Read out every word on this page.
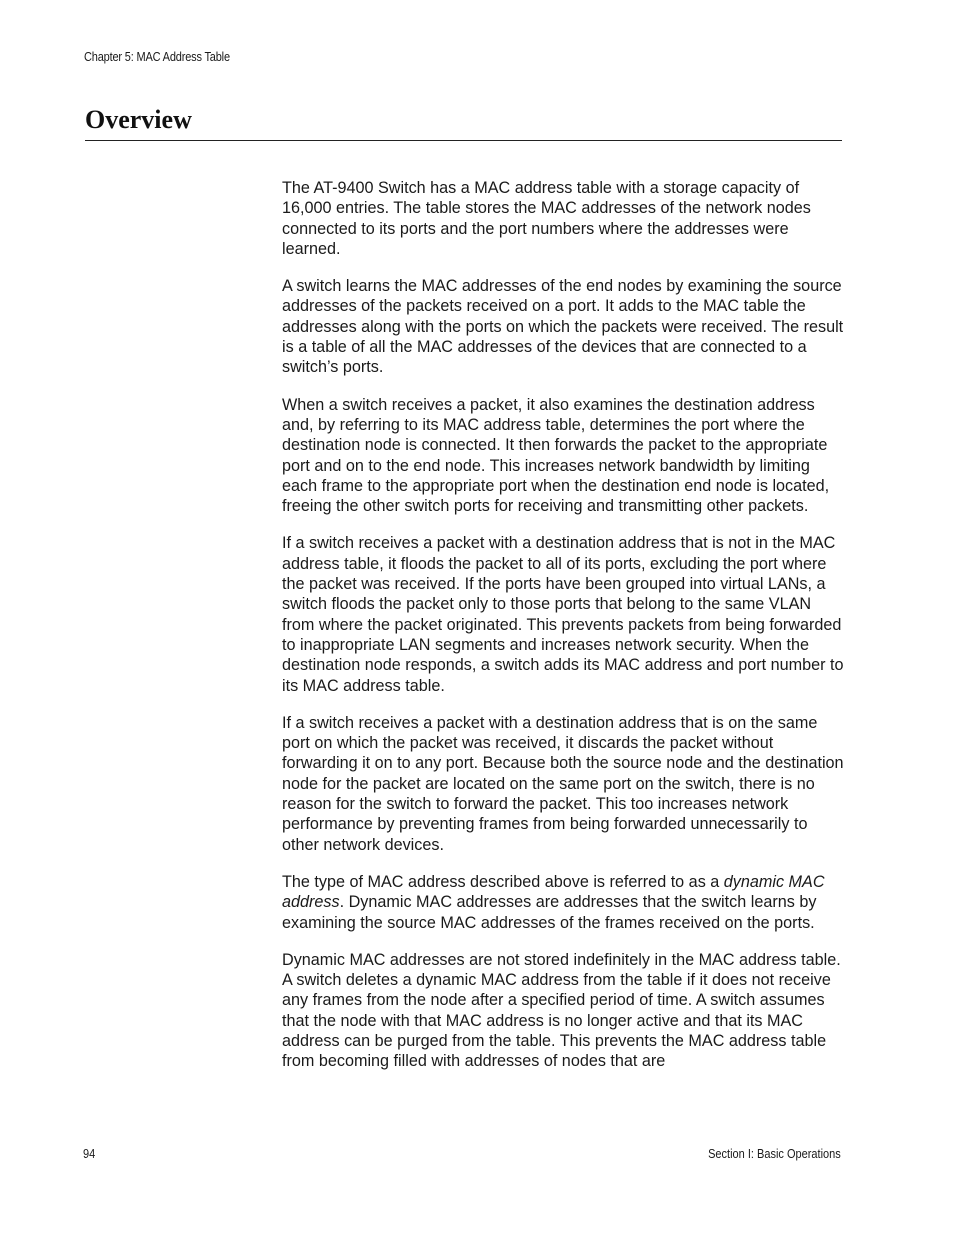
Chapter 5: MAC Address Table
Overview

The AT-9400 Switch has a MAC address table with a storage capacity of 16,000 entries. The table stores the MAC addresses of the network nodes connected to its ports and the port numbers where the addresses were learned.

A switch learns the MAC addresses of the end nodes by examining the source addresses of the packets received on a port. It adds to the MAC table the addresses along with the ports on which the packets were received. The result is a table of all the MAC addresses of the devices that are connected to a switch’s ports.

When a switch receives a packet, it also examines the destination address and, by referring to its MAC address table, determines the port where the destination node is connected. It then forwards the packet to the appropriate port and on to the end node. This increases network bandwidth by limiting each frame to the appropriate port when the destination end node is located, freeing the other switch ports for receiving and transmitting other packets.

If a switch receives a packet with a destination address that is not in the MAC address table, it floods the packet to all of its ports, excluding the port where the packet was received. If the ports have been grouped into virtual LANs, a switch floods the packet only to those ports that belong to the same VLAN from where the packet originated. This prevents packets from being forwarded to inappropriate LAN segments and increases network security. When the destination node responds, a switch adds its MAC address and port number to its MAC address table.

If a switch receives a packet with a destination address that is on the same port on which the packet was received, it discards the packet without forwarding it on to any port. Because both the source node and the destination node for the packet are located on the same port on the switch, there is no reason for the switch to forward the packet. This too increases network performance by preventing frames from being forwarded unnecessarily to other network devices.

The type of MAC address described above is referred to as a dynamic MAC address. Dynamic MAC addresses are addresses that the switch learns by examining the source MAC addresses of the frames received on the ports.

Dynamic MAC addresses are not stored indefinitely in the MAC address table. A switch deletes a dynamic MAC address from the table if it does not receive any frames from the node after a specified period of time. A switch assumes that the node with that MAC address is no longer active and that its MAC address can be purged from the table. This prevents the MAC address table from becoming filled with addresses of nodes that are

94	Section I: Basic Operations
